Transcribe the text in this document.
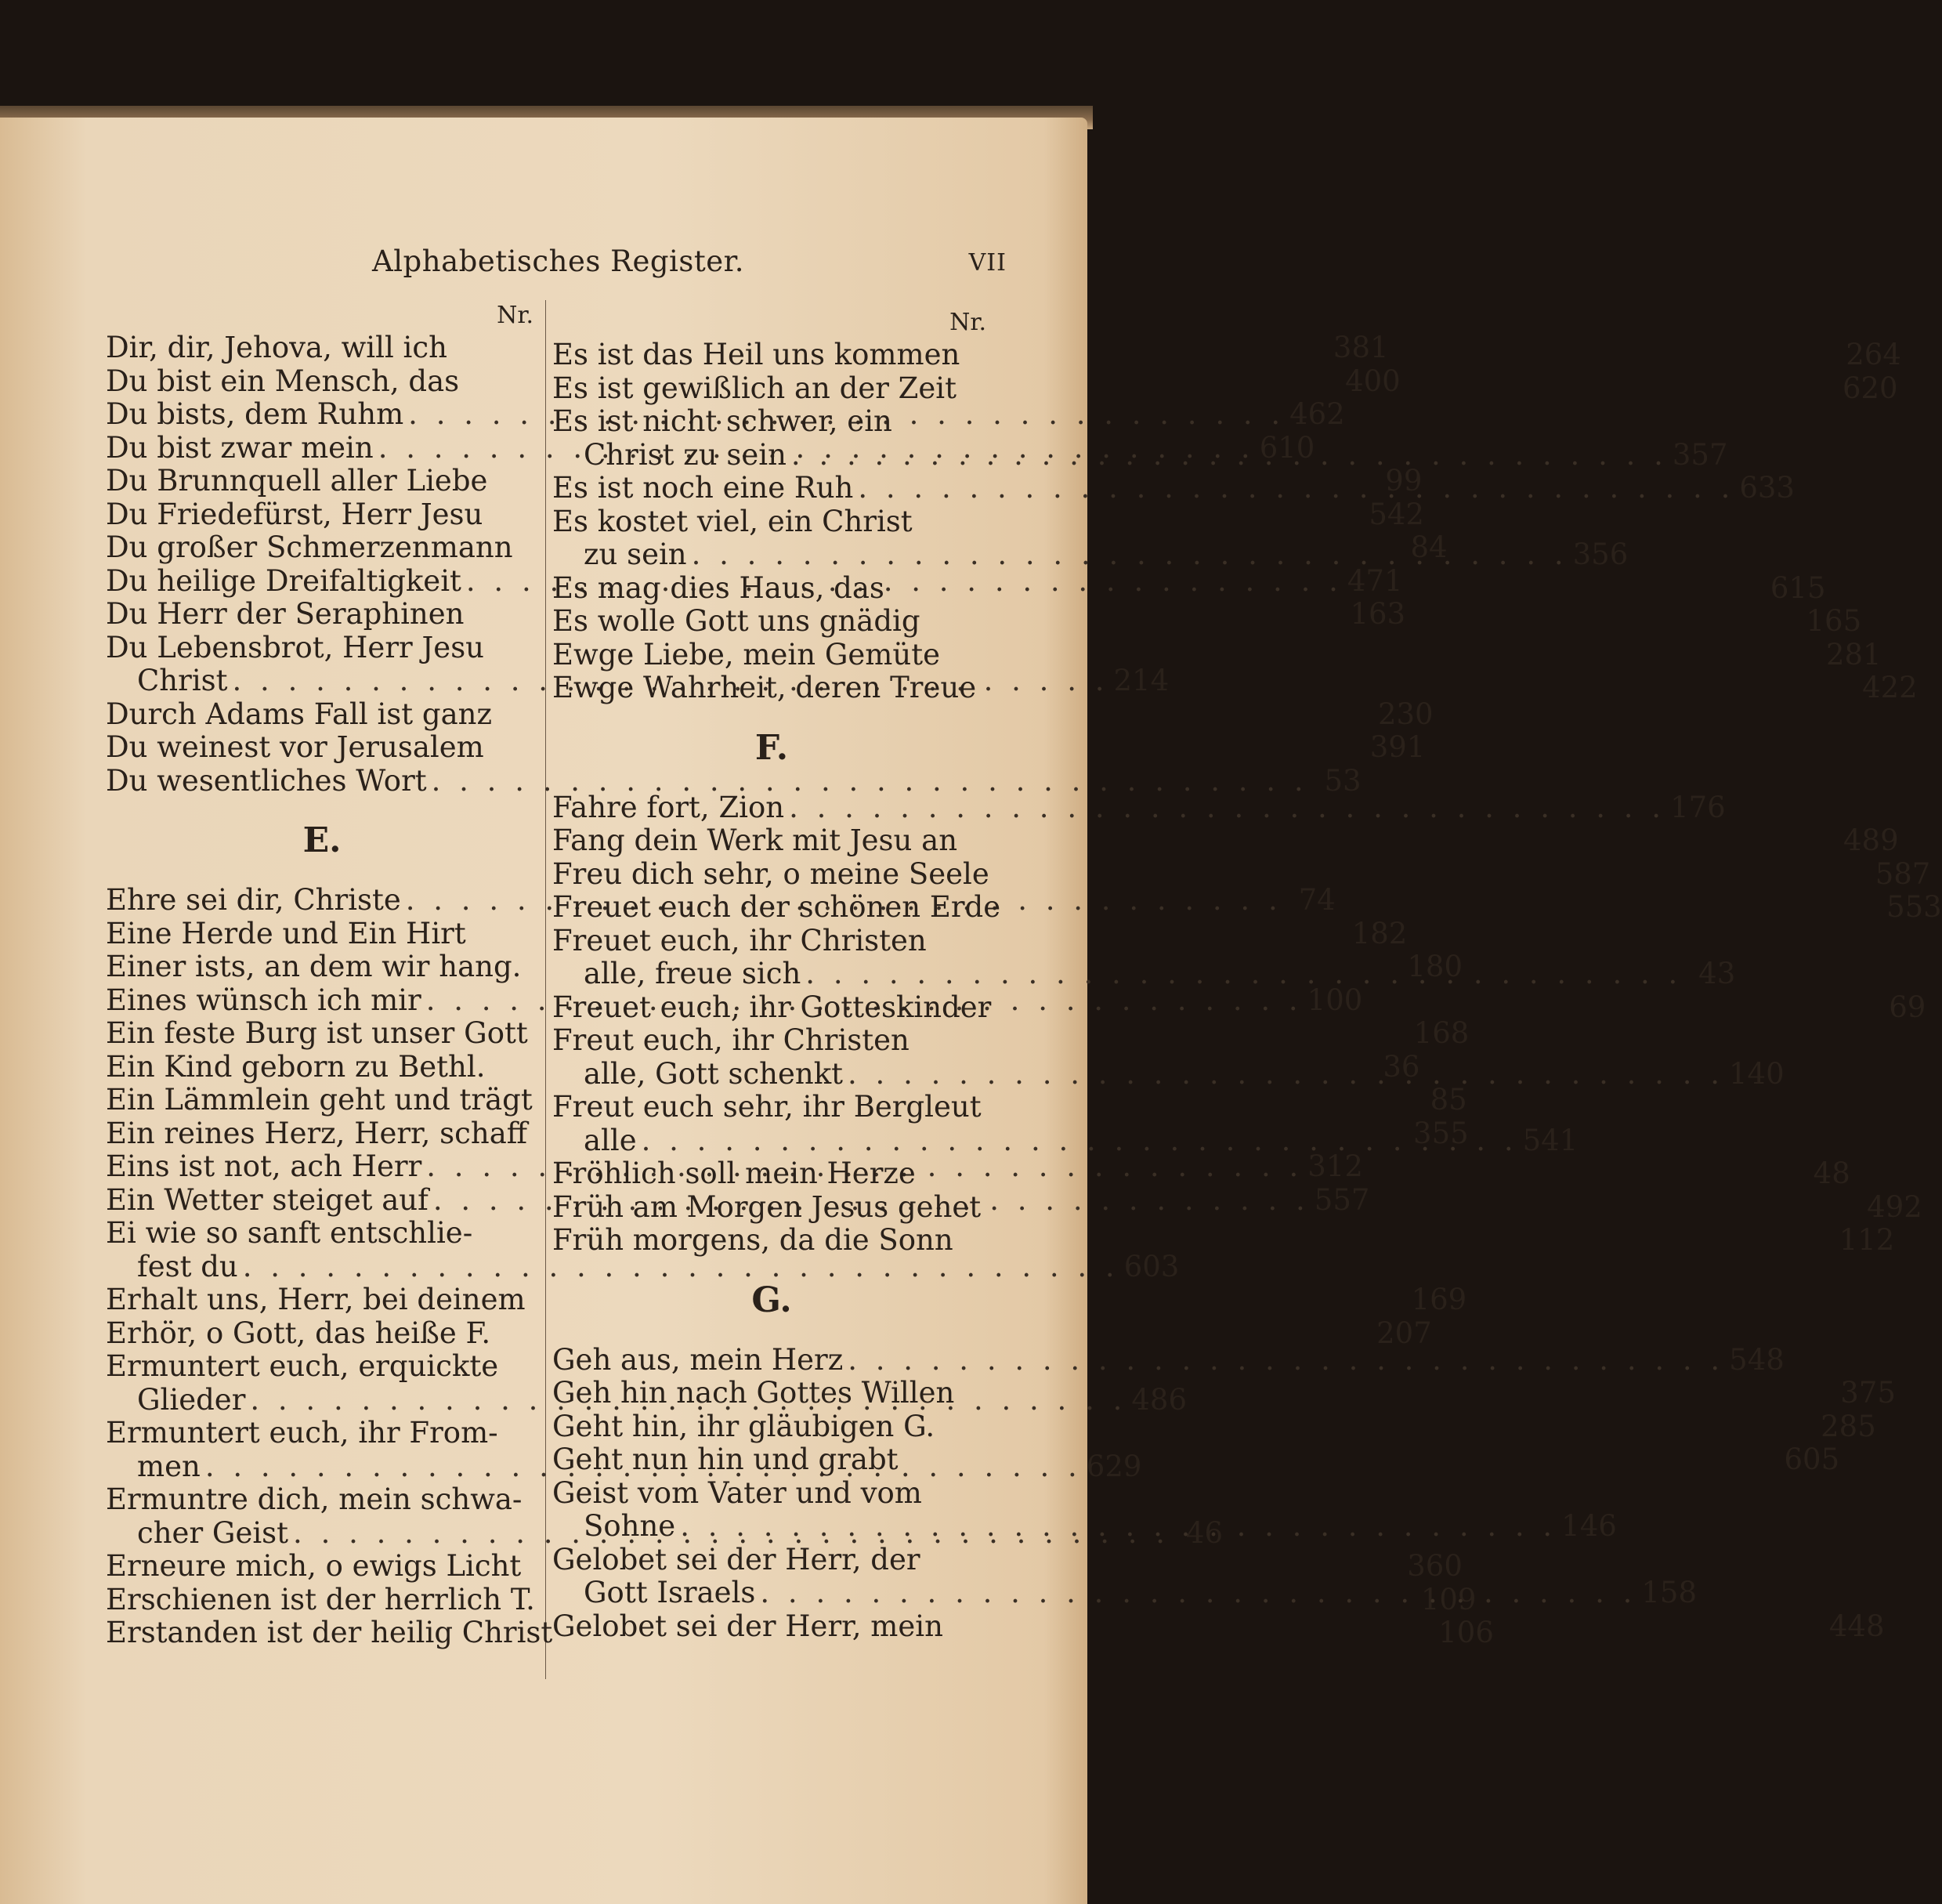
Alphabetisches Register.	VII
Nr.
Dir, dir, Jehova, will ich	381
Du bist ein Mensch, das	400
Du bists, dem Ruhm . . .	462
Du bist zwar mein . . .	610
Du Brunnquell aller Liebe	99
Du Friedefürst, Herr Jesu	542
Du großer Schmerzenmann	84
Du heilige Dreifaltigkeit . . .	471
Du Herr der Seraphinen	163
Du Lebensbrot, Herr Jesu
Christ . . .	214
Durch Adams Fall ist ganz	230
Du weinest vor Jerusalem	391
Du wesentliches Wort . . .	53
E.
Ehre sei dir, Christe . . .	74
Eine Herde und Ein Hirt	182
Einer ists, an dem wir hang.	180
Eines wünsch ich mir . . .	100
Ein feste Burg ist unser Gott	168
Ein Kind geborn zu Bethl.	36
Ein Lämmlein geht und trägt	85
Ein reines Herz, Herr, schaff	355
Eins ist not, ach Herr . . .	312
Ein Wetter steiget auf . . .	557
Ei wie so sanft entschlie-
fest du . . .	603
Erhalt uns, Herr, bei deinem	169
Erhör, o Gott, das heiße F.	207
Ermuntert euch, erquickte
Glieder . . .	486
Ermuntert euch, ihr From-
men . . .	629
Ermuntre dich, mein schwa-
cher Geist . . .	46
Erneure mich, o ewigs Licht	360
Erschienen ist der herrlich T.	109
Erstanden ist der heilig Christ	106
Nr.
Es ist das Heil uns kommen	264
Es ist gewißlich an der Zeit	620
Es ist nicht schwer, ein
Christ zu sein . . .	357
Es ist noch eine Ruh . . .	633
Es kostet viel, ein Christ
zu sein . . .	356
Es mag dies Haus, das	615
Es wolle Gott uns gnädig	165
Ewge Liebe, mein Gemüte	281
Ewge Wahrheit, deren Treue	422
F.
Fahre fort, Zion . . .	176
Fang dein Werk mit Jesu an	489
Freu dich sehr, o meine Seele	587
Freuet euch der schönen Erde	553
Freuet euch, ihr Christen
alle, freue sich . . .	43
Freuet euch, ihr Gotteskinder	69
Freut euch, ihr Christen
alle, Gott schenkt . . .	140
Freut euch sehr, ihr Bergleut
alle . . .	541
Fröhlich soll mein Herze	48
Früh am Morgen Jesus gehet	492
Früh morgens, da die Sonn	112
G.
Geh aus, mein Herz . . .	548
Geh hin nach Gottes Willen	375
Geht hin, ihr gläubigen G.	285
Geht nun hin und grabt	605
Geist vom Vater und vom
Sohne . . .	146
Gelobet sei der Herr, der
Gott Israels . . .	158
Gelobet sei der Herr, mein	448
